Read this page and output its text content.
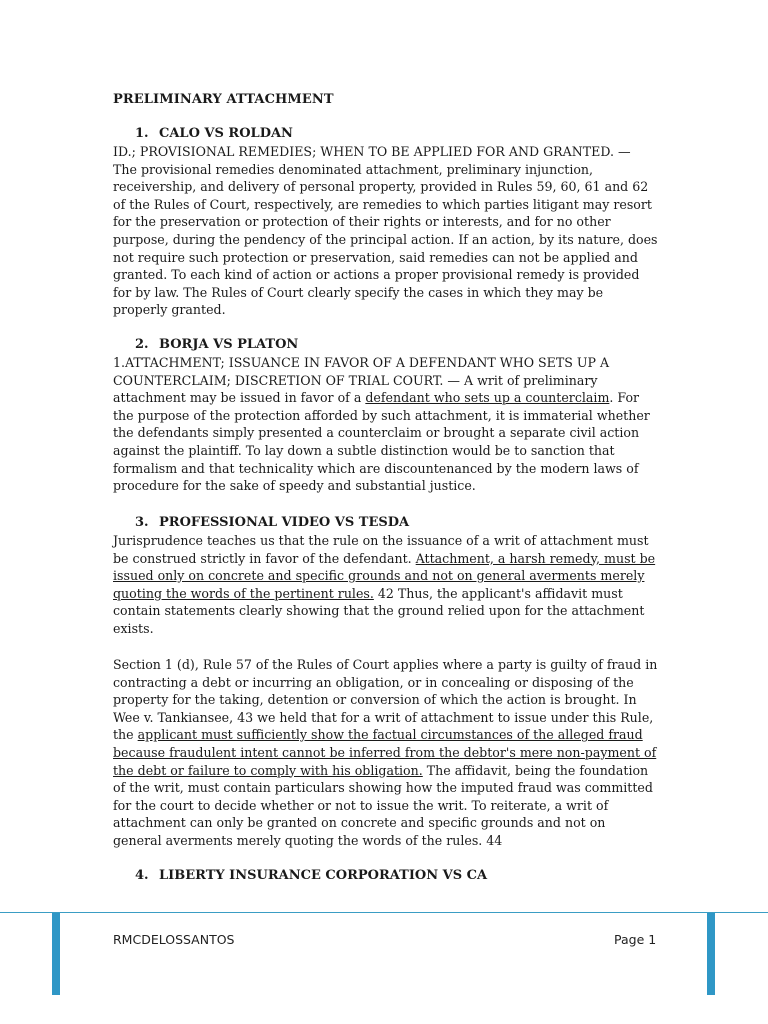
PRELIMINARY ATTACHMENT
1. CALO VS ROLDAN

ID.; PROVISIONAL REMEDIES; WHEN TO BE APPLIED FOR AND GRANTED. — The provisional remedies denominated attachment, preliminary injunction, receivership, and delivery of personal property, provided in Rules 59, 60, 61 and 62 of the Rules of Court, respectively, are remedies to which parties litigant may resort for the preservation or protection of their rights or interests, and for no other purpose, during the pendency of the principal action. If an action, by its nature, does not require such protection or preservation, said remedies can not be applied and granted. To each kind of action or actions a proper provisional remedy is provided for by law. The Rules of Court clearly specify the cases in which they may be properly granted.

2. BORJA VS PLATON

1.ATTACHMENT; ISSUANCE IN FAVOR OF A DEFENDANT WHO SETS UP A COUNTERCLAIM; DISCRETION OF TRIAL COURT. — A writ of preliminary attachment may be issued in favor of a defendant who sets up a counterclaim. For the purpose of the protection afforded by such attachment, it is immaterial whether the defendants simply presented a counterclaim or brought a separate civil action against the plaintiff. To lay down a subtle distinction would be to sanction that formalism and that technicality which are discountenanced by the modern laws of procedure for the sake of speedy and substantial justice.

3. PROFESSIONAL VIDEO VS TESDA

Jurisprudence teaches us that the rule on the issuance of a writ of attachment must be construed strictly in favor of the defendant. Attachment, a harsh remedy, must be issued only on concrete and specific grounds and not on general averments merely quoting the words of the pertinent rules. 42 Thus, the applicant's affidavit must contain statements clearly showing that the ground relied upon for the attachment exists.

Section 1 (d), Rule 57 of the Rules of Court applies where a party is guilty of fraud in contracting a debt or incurring an obligation, or in concealing or disposing of the property for the taking, detention or conversion of which the action is brought. In Wee v. Tankiansee, 43 we held that for a writ of attachment to issue under this Rule, the applicant must sufficiently show the factual circumstances of the alleged fraud because fraudulent intent cannot be inferred from the debtor's mere non-payment of the debt or failure to comply with his obligation. The affidavit, being the foundation of the writ, must contain particulars showing how the imputed fraud was committed for the court to decide whether or not to issue the writ. To reiterate, a writ of attachment can only be granted on concrete and specific grounds and not on general averments merely quoting the words of the rules. 44

4. LIBERTY INSURANCE CORPORATION VS CA
RMCDELOSSANTOS	Page 1
